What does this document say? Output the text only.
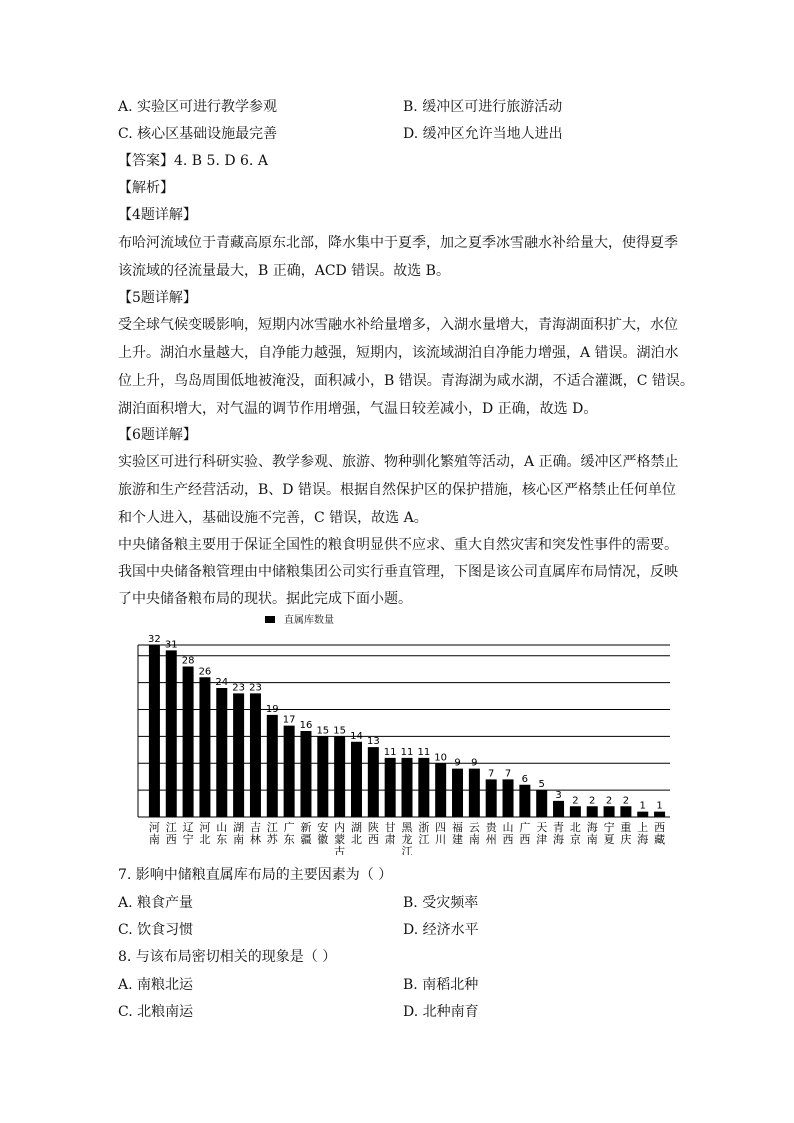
A. 实验区可进行教学参观	B. 缓冲区可进行旅游活动
C. 核心区基础设施最完善	D. 缓冲区允许当地人进出
【答案】4. B 5. D 6. A
【解析】
【4题详解】
布哈河流域位于青藏高原东北部，降水集中于夏季，加之夏季冰雪融水补给量大，使得夏季
该流域的径流量最大，B 正确，ACD 错误。故选 B。
【5题详解】
受全球气候变暖影响，短期内冰雪融水补给量增多，入湖水量增大，青海湖面积扩大，水位
上升。湖泊水量越大，自净能力越强，短期内，该流域湖泊自净能力增强，A 错误。湖泊水
位上升，鸟岛周围低地被淹没，面积减小，B 错误。青海湖为咸水湖，不适合灌溉，C 错误。
湖泊面积增大，对气温的调节作用增强，气温日较差减小，D 正确，故选 D。
【6题详解】
实验区可进行科研实验、教学参观、旅游、物种驯化繁殖等活动，A 正确。缓冲区严格禁止
旅游和生产经营活动，B、D 错误。根据自然保护区的保护措施，核心区严格禁止任何单位
和个人进入，基础设施不完善，C 错误，故选 A。
中央储备粮主要用于保证全国性的粮食明显供不应求、重大自然灾害和突发性事件的需要。
我国中央储备粮管理由中储粮集团公司实行垂直管理，下图是该公司直属库布局情况，反映
了中央储备粮布局的现状。据此完成下面小题。
直属库数量
32 31
28
26
24 23 23
19
17 16 15 15 14 13
11 11 11 10 9 9
7 7 6 5
3 2 2 2 2 1 1
河
南
江
西
辽
宁
河
北
山
东
湖
南
吉
林
江
苏
广
东
新
疆
安
徽
内
蒙
古
湖
北
陕
西
甘
肃
黑
龙
江
浙
江
四
川
福
建
云
南
贵
州
山
西
广
西
天
津
青
海
北
京
海
南
宁
夏
重
庆
上
海
西
藏
7. 影响中储粮直属库布局的主要因素为（ ）
A. 粮食产量	B. 受灾频率
C. 饮食习惯	D. 经济水平
8. 与该布局密切相关的现象是（ ）
A. 南粮北运	B. 南稻北种
C. 北粮南运	D. 北种南育
